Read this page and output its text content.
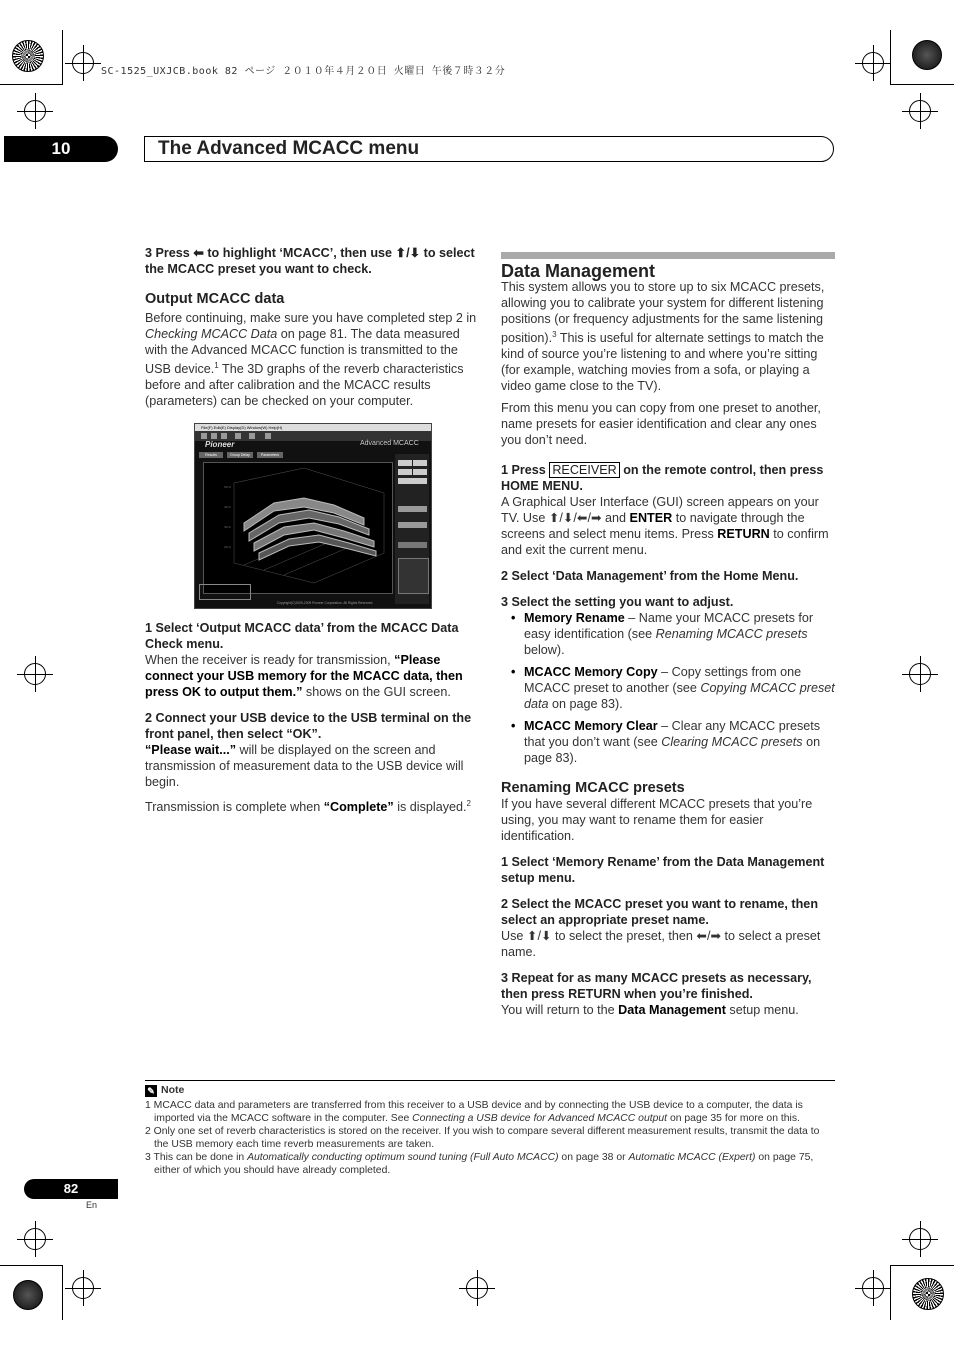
SC-1525_UXJCB.book 82 ページ ２０１０年４月２０日 火曜日 午後７時３２分
10	The Advanced MCACC menu

3 Press ⬅ to highlight ‘MCACC’, then use ⬆/⬇ to select the MCACC preset you want to check.

Output MCACC data

Before continuing, make sure you have completed step 2 in Checking MCACC Data on page 81. The data measured with the Advanced MCACC function is transmitted to the USB device.$^1$ The 3D graphs of the reverb characteristics before and after calibration and the MCACC results (parameters) can be checked on your computer.

File(F) Edit(E) Display(D) Window(W) Help(H)
Pioneer	Advanced MCACC
Results	Group Delay	Parameters
50.0
40.0
30.0
20.0
Copyright(C)2005-2009 Pioneer Corporation. All Rights Reserved.

1 Select ‘Output MCACC data’ from the MCACC Data Check menu.

When the receiver is ready for transmission, “Please connect your USB memory for the MCACC data, then press OK to output them.” shows on the GUI screen.

2 Connect your USB device to the USB terminal on the front panel, then select “OK”.

“Please wait...” will be displayed on the screen and transmission of measurement data to the USB device will begin.

Transmission is complete when “Complete” is displayed.$^2$

Data Management

This system allows you to store up to six MCACC presets, allowing you to calibrate your system for different listening positions (or frequency adjustments for the same listening position).$^3$ This is useful for alternate settings to match the kind of source you’re listening to and where you’re sitting (for example, watching movies from a sofa, or playing a video game close to the TV).

From this menu you can copy from one preset to another, name presets for easier identification and clear any ones you don’t need.

1 Press RECEIVER on the remote control, then press HOME MENU.

A Graphical User Interface (GUI) screen appears on your TV. Use ⬆/⬇/⬅/➡ and ENTER to navigate through the screens and select menu items. Press RETURN to confirm and exit the current menu.

2 Select ‘Data Management’ from the Home Menu.

3 Select the setting you want to adjust.

• Memory Rename – Name your MCACC presets for easy identification (see Renaming MCACC presets below).

• MCACC Memory Copy – Copy settings from one MCACC preset to another (see Copying MCACC preset data on page 83).

• MCACC Memory Clear – Clear any MCACC presets that you don’t want (see Clearing MCACC presets on page 83).

Renaming MCACC presets

If you have several different MCACC presets that you’re using, you may want to rename them for easier identification.

1 Select ‘Memory Rename’ from the Data Management setup menu.

2 Select the MCACC preset you want to rename, then select an appropriate preset name.

Use ⬆/⬇ to select the preset, then ⬅/➡ to select a preset name.

3 Repeat for as many MCACC presets as necessary, then press RETURN when you’re finished.

You will return to the Data Management setup menu.

✎ Note

1 MCACC data and parameters are transferred from this receiver to a USB device and by connecting the USB device to a computer, the data is imported via the MCACC software in the computer. See Connecting a USB device for Advanced MCACC output on page 35 for more on this.

2 Only one set of reverb characteristics is stored on the receiver. If you wish to compare several different measurement results, transmit the data to the USB memory each time reverb measurements are taken.

3 This can be done in Automatically conducting optimum sound tuning (Full Auto MCACC) on page 38 or Automatic MCACC (Expert) on page 75, either of which you should have already completed.

82
En
